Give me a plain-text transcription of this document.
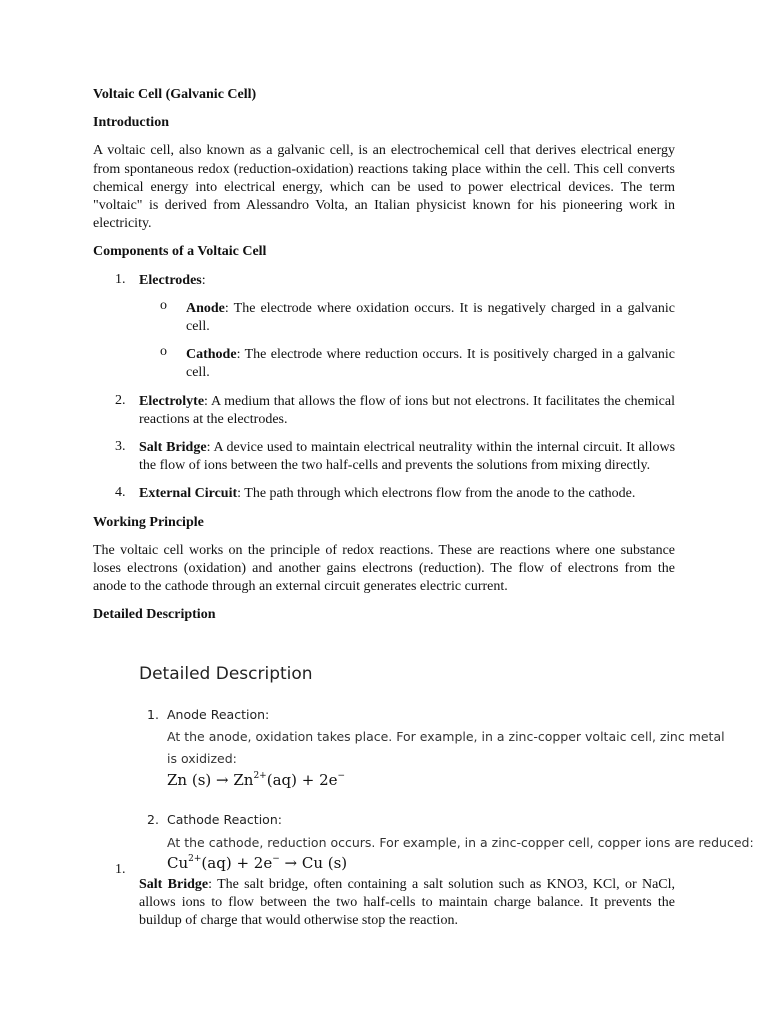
Voltaic Cell (Galvanic Cell)

Introduction

A voltaic cell, also known as a galvanic cell, is an electrochemical cell that derives electrical energy from spontaneous redox (reduction-oxidation) reactions taking place within the cell. This cell converts chemical energy into electrical energy, which can be used to power electrical devices. The term "voltaic" is derived from Alessandro Volta, an Italian physicist known for his pioneering work in electricity.

Components of a Voltaic Cell

1. Electrodes:

o Anode: The electrode where oxidation occurs. It is negatively charged in a galvanic cell.

o Cathode: The electrode where reduction occurs. It is positively charged in a galvanic cell.

2. Electrolyte: A medium that allows the flow of ions but not electrons. It facilitates the chemical reactions at the electrodes.

3. Salt Bridge: A device used to maintain electrical neutrality within the internal circuit. It allows the flow of ions between the two half-cells and prevents the solutions from mixing directly.

4. External Circuit: The path through which electrons flow from the anode to the cathode.

Working Principle

The voltaic cell works on the principle of redox reactions. These are reactions where one substance loses electrons (oxidation) and another gains electrons (reduction). The flow of electrons from the anode to the cathode through an external circuit generates electric current.

Detailed Description

Detailed Description

1. Anode Reaction:
At the anode, oxidation takes place. For example, in a zinc-copper voltaic cell, zinc metal is oxidized:
Zn $(s) \to Zn^{2+}(aq) + 2e^-$
2. Cathode Reaction:
At the cathode, reduction occurs. For example, in a zinc-copper cell, copper ions are reduced:
$Cu^{2+}(aq) + 2e^- \to Cu$ (s)
1.

Salt Bridge: The salt bridge, often containing a salt solution such as KNO3, KCl, or NaCl, allows ions to flow between the two half-cells to maintain charge balance. It prevents the buildup of charge that would otherwise stop the reaction.
